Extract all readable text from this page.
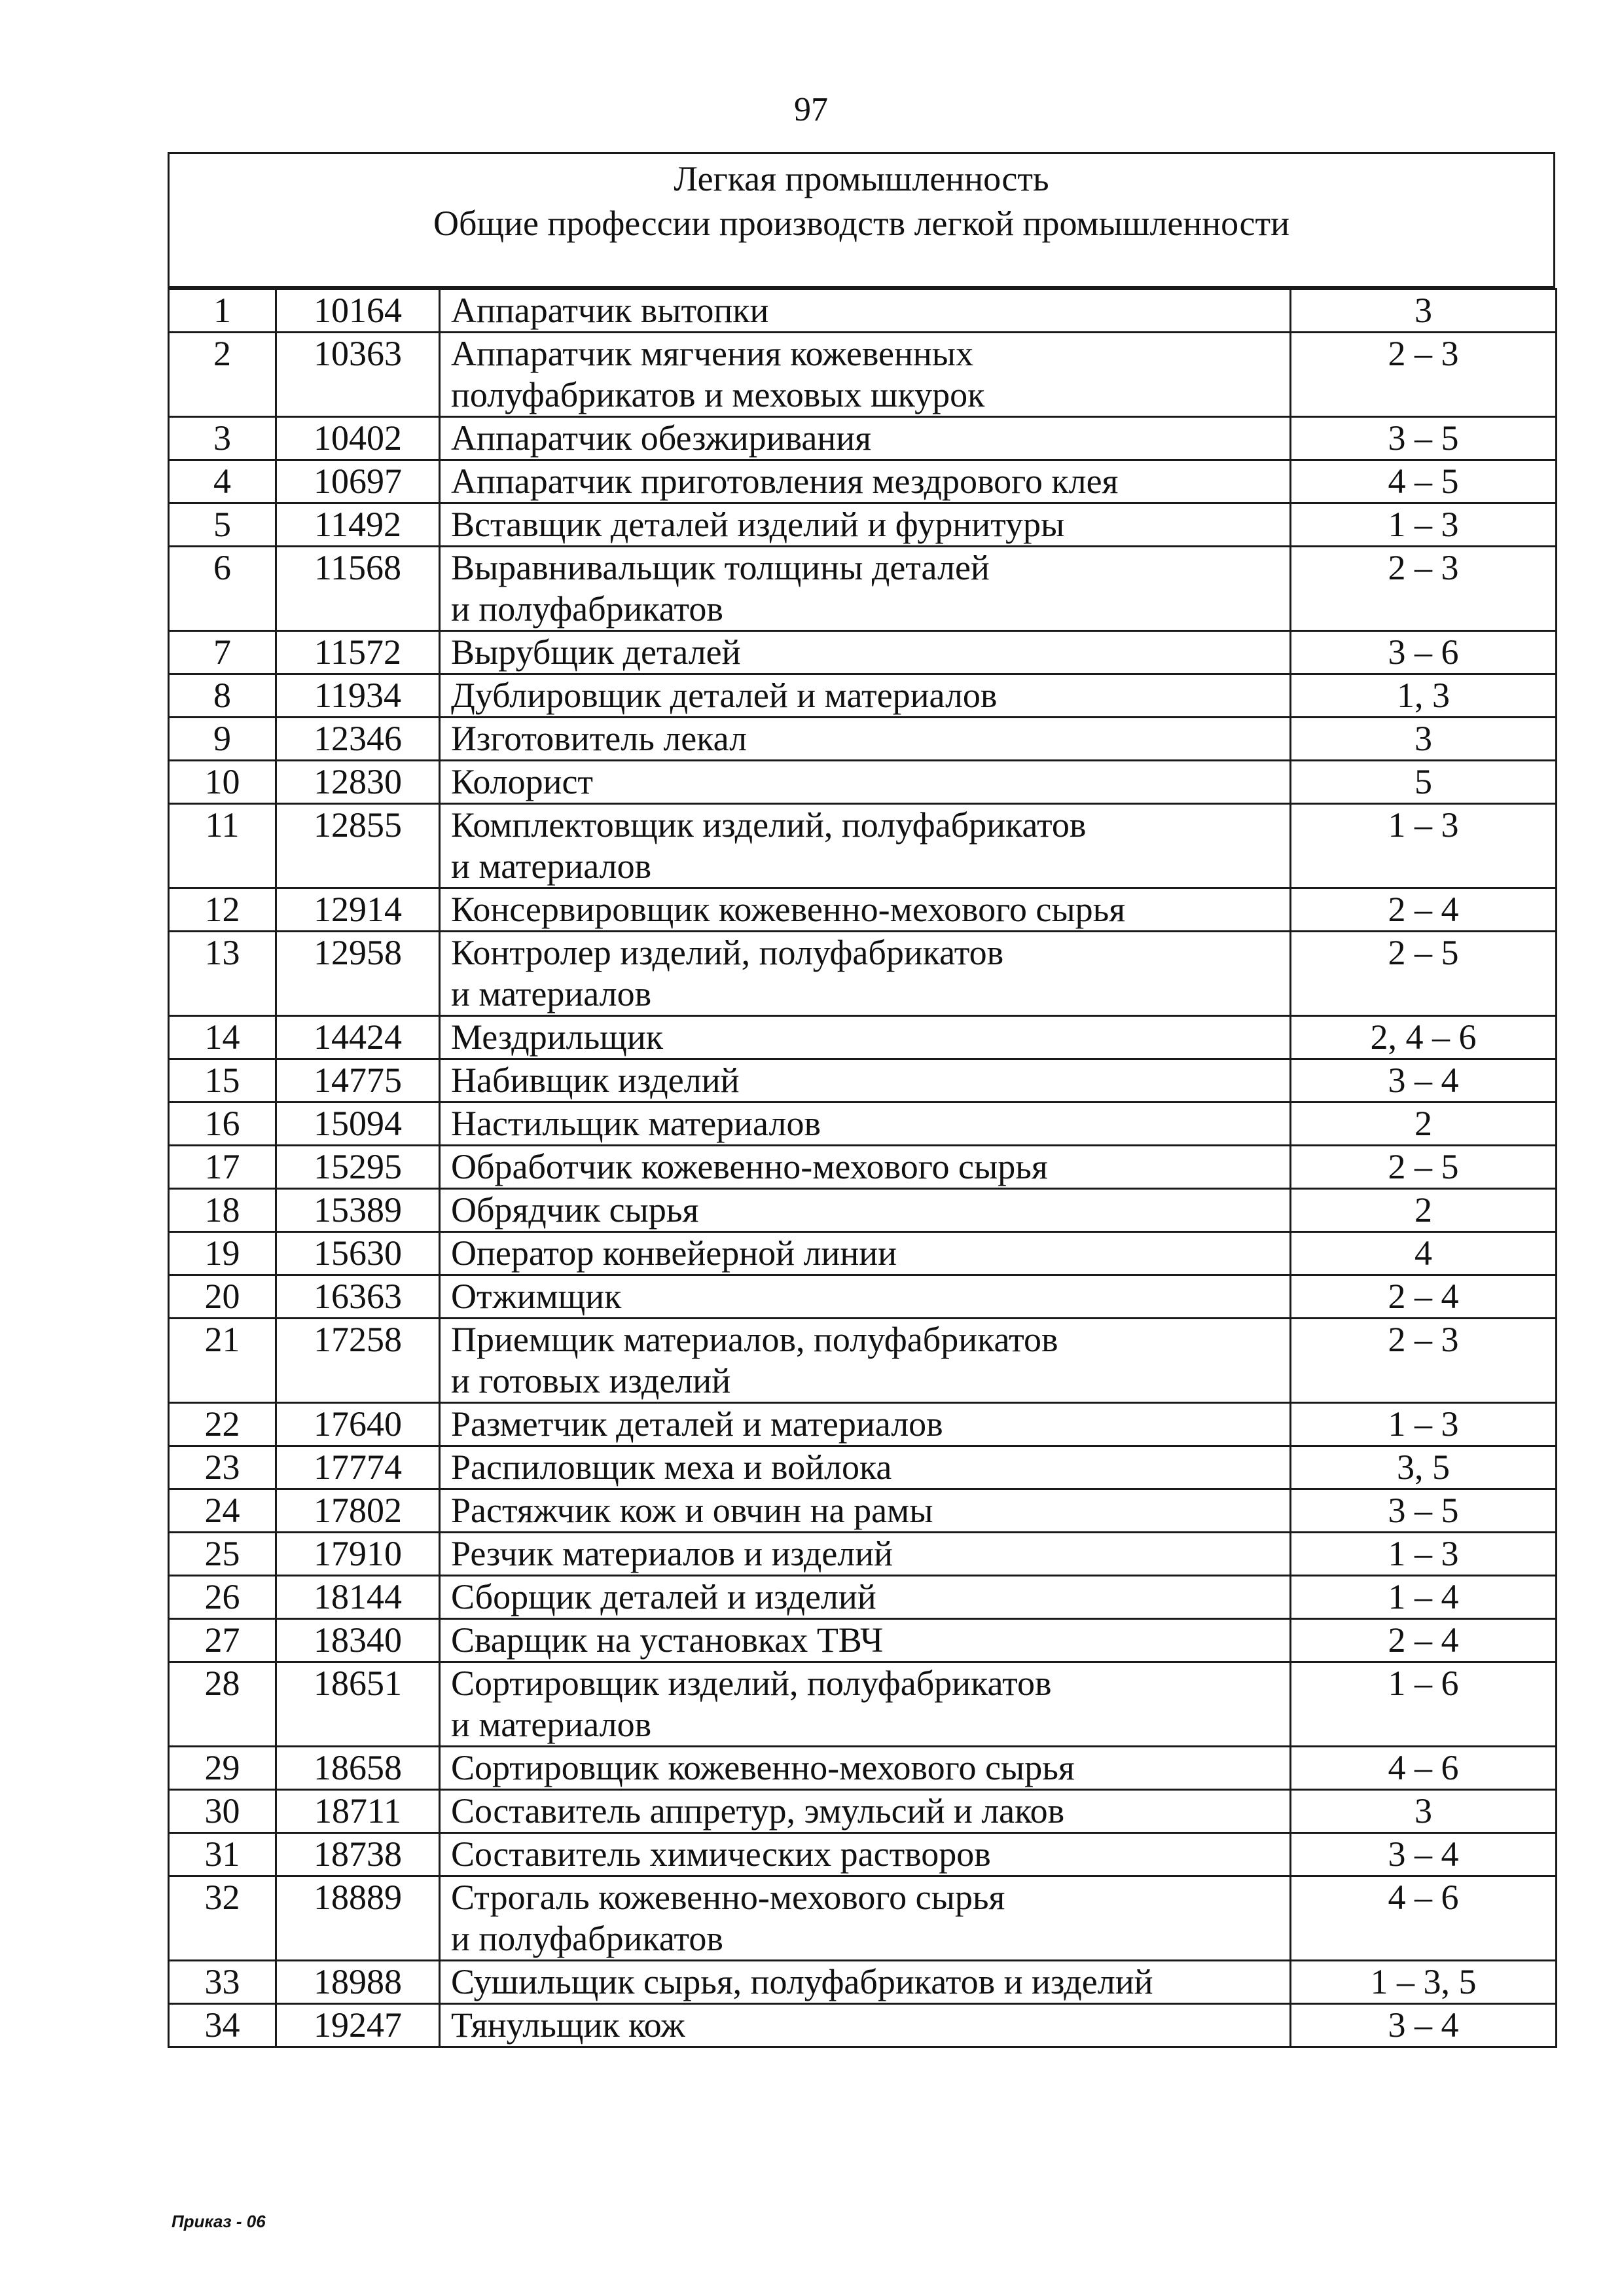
97
Легкая промышленность
Общие профессии производств легкой промышленности
1	10164	Аппаратчик вытопки	3
2	10363	Аппаратчик мягчения кожевенных
полуфабрикатов и меховых шкурок	2 – 3
3	10402	Аппаратчик обезжиривания	3 – 5
4	10697	Аппаратчик приготовления мездрового клея	4 – 5
5	11492	Вставщик деталей изделий и фурнитуры	1 – 3
6	11568	Выравнивальщик толщины деталей
и полуфабрикатов	2 – 3
7	11572	Вырубщик деталей	3 – 6
8	11934	Дублировщик деталей и материалов	1, 3
9	12346	Изготовитель лекал	3
10	12830	Колорист	5
11	12855	Комплектовщик изделий, полуфабрикатов
и материалов	1 – 3
12	12914	Консервировщик кожевенно-мехового сырья	2 – 4
13	12958	Контролер изделий, полуфабрикатов
и материалов	2 – 5
14	14424	Мездрильщик	2, 4 – 6
15	14775	Набивщик изделий	3 – 4
16	15094	Настильщик материалов	2
17	15295	Обработчик кожевенно-мехового сырья	2 – 5
18	15389	Обрядчик сырья	2
19	15630	Оператор конвейерной линии	4
20	16363	Отжимщик	2 – 4
21	17258	Приемщик материалов, полуфабрикатов
и готовых изделий	2 – 3
22	17640	Разметчик деталей и материалов	1 – 3
23	17774	Распиловщик меха и войлока	3, 5
24	17802	Растяжчик кож и овчин на рамы	3 – 5
25	17910	Резчик материалов и изделий	1 – 3
26	18144	Сборщик деталей и изделий	1 – 4
27	18340	Сварщик на установках ТВЧ	2 – 4
28	18651	Сортировщик изделий, полуфабрикатов
и материалов	1 – 6
29	18658	Сортировщик кожевенно-мехового сырья	4 – 6
30	18711	Составитель аппретур, эмульсий и лаков	3
31	18738	Составитель химических растворов	3 – 4
32	18889	Строгаль кожевенно-мехового сырья
и полуфабрикатов	4 – 6
33	18988	Сушильщик сырья, полуфабрикатов и изделий	1 – 3, 5
34	19247	Тянульщик кож	3 – 4
Приказ - 06
